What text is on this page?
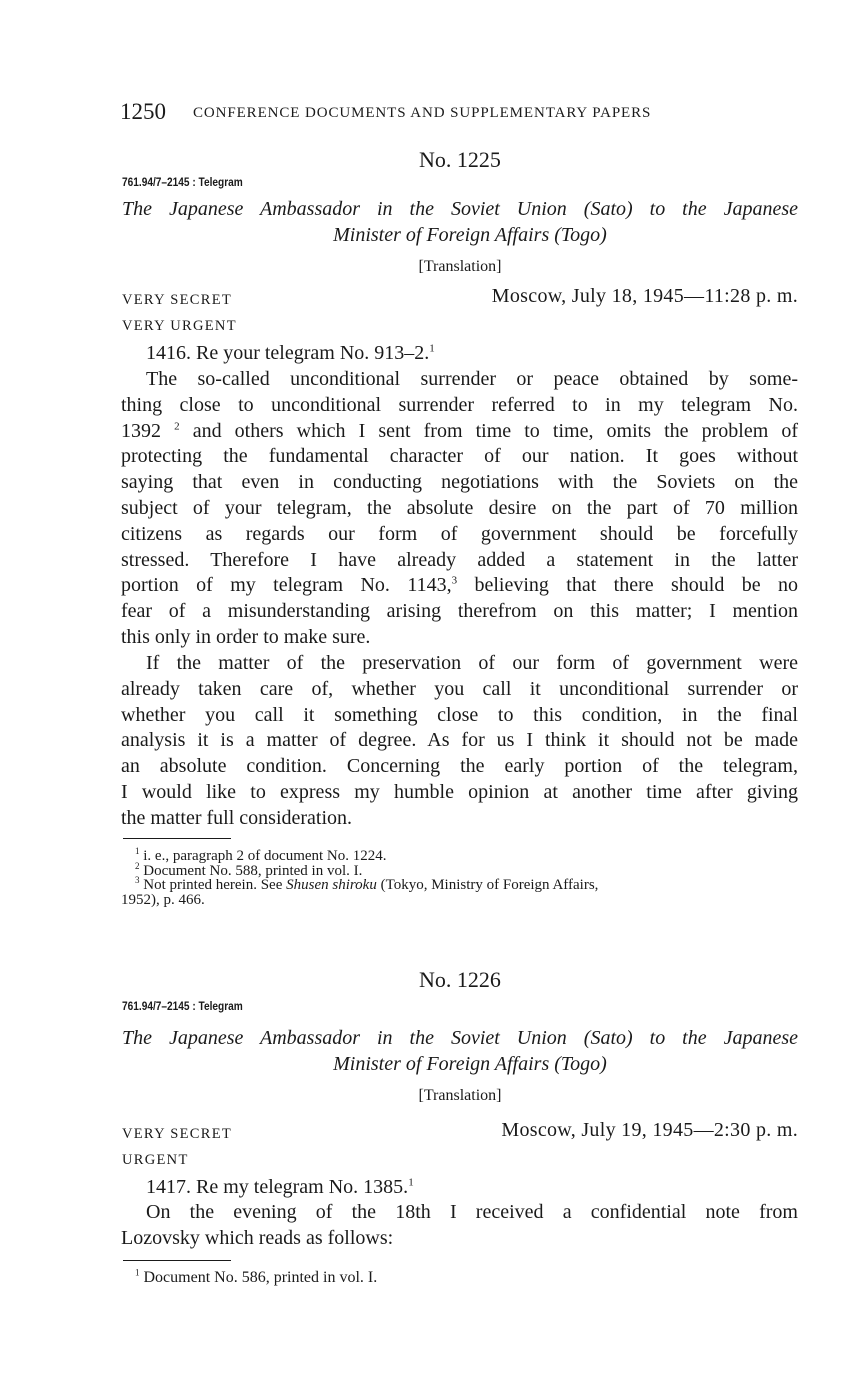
1250 CONFERENCE DOCUMENTS AND SUPPLEMENTARY PAPERS
No. 1225
761.94/7–2145 : Telegram
The Japanese Ambassador in the Soviet Union (Sato) to the Japanese
Minister of Foreign Affairs (Togo)
[Translation]
VERY SECRET	Moscow, July 18, 1945—11:28 p. m.
VERY URGENT
1416. Re your telegram No. 913–2.$^1$
The so-called unconditional surrender or peace obtained by some-
thing close to unconditional surrender referred to in my telegram No.
1392 $^2$ and others which I sent from time to time, omits the problem of
protecting the fundamental character of our nation. It goes without
saying that even in conducting negotiations with the Soviets on the
subject of your telegram, the absolute desire on the part of 70 million
citizens as regards our form of government should be forcefully
stressed. Therefore I have already added a statement in the latter
portion of my telegram No. 1143,$^3$ believing that there should be no
fear of a misunderstanding arising therefrom on this matter; I mention
this only in order to make sure.
If the matter of the preservation of our form of government were
already taken care of, whether you call it unconditional surrender or
whether you call it something close to this condition, in the final
analysis it is a matter of degree. As for us I think it should not be made
an absolute condition. Concerning the early portion of the telegram,
I would like to express my humble opinion at another time after giving
the matter full consideration.
$^1$ i. e., paragraph 2 of document No. 1224.
$^2$ Document No. 588, printed in vol. I.
$^3$ Not printed herein. See Shusen shiroku (Tokyo, Ministry of Foreign Affairs,
1952), p. 466.
No. 1226
761.94/7–2145 : Telegram
The Japanese Ambassador in the Soviet Union (Sato) to the Japanese
Minister of Foreign Affairs (Togo)
[Translation]
VERY SECRET	Moscow, July 19, 1945—2:30 p. m.
URGENT
1417. Re my telegram No. 1385.$^1$
On the evening of the 18th I received a confidential note from
Lozovsky which reads as follows:
$^1$ Document No. 586, printed in vol. I.
